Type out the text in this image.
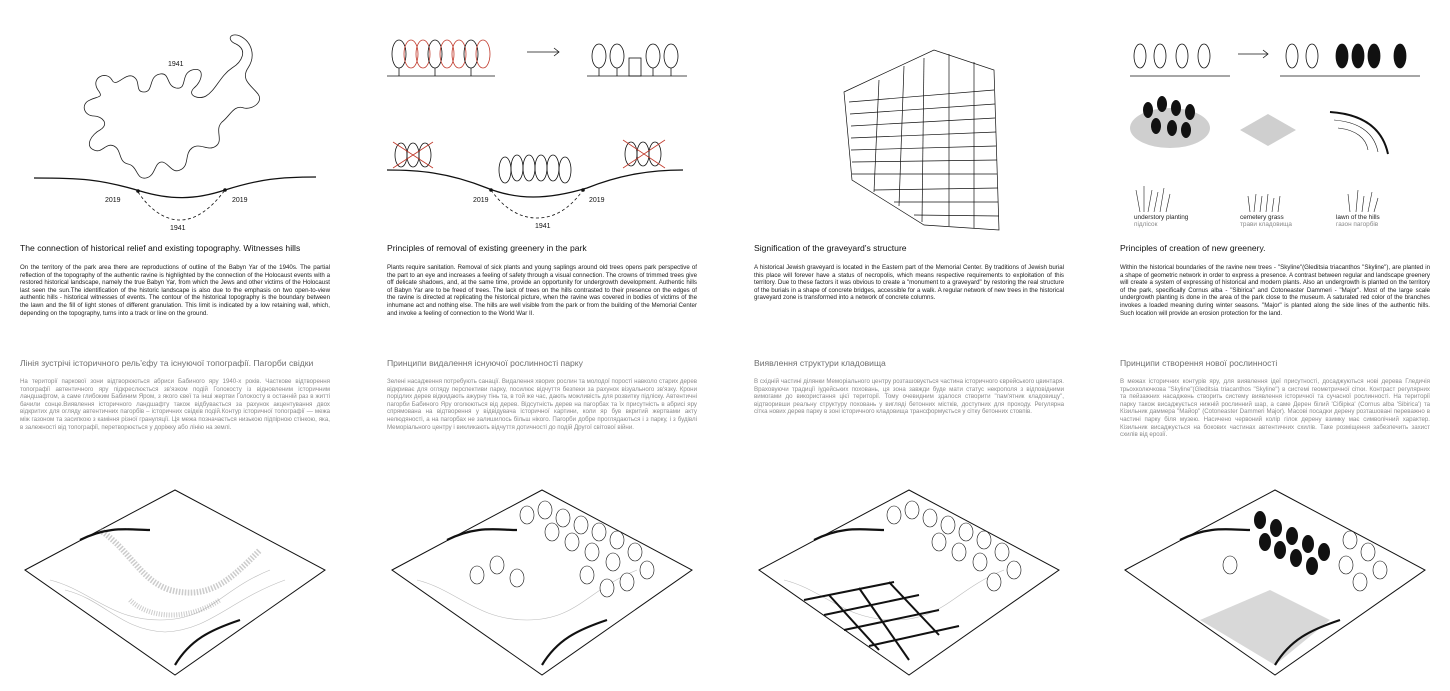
1941
2019	2019
1941
The connection of historical relief and existing topography. Witnesses hills
On the territory of the park area there are reproductions of outline of the Babyn Yar of the 1940s. The partial reflection of the topography of the authentic ravine is highlighted by the connection of the Holocaust events with a restored historical landscape, namely the true Babyn Yar, from which the Jews and other victims of the Holocaust last seen the sun.The identification of the historic landscape is also due to the emphasis on two open-to-view authentic hills - historical witnesses of events. The contour of the historical topography is the boundary between the lawn and the fill of light stones of different granulation. This limit is indicated by a low retaining wall, which, depending on the topography, turns into a track or line on the ground.
Лінія зустрічі історичного рель'єфу та існуючої топографії. Пагорби свідки
На території паркової зони відтворюються абриси Бабиного яру 1940-х років. Часткове відтворення топографії автентичного яру підкреслюється зв'язком подій Голокосту із відновленим історичним ландшафтом, а саме глибоким Бабиним Яром, з якого євеї та інші жертви Голокосту в останній раз в житті бачили сонце.Виявлення історичного ландшафту також відбувається за рахунок акцентування двох відкритих для огляду автентичних пагорбів – історичних свідків подій.Контур історичної топографії — межа між газоном та засипкою з каміння різної грануляції. Ця межа позначається низькою підпірною стінкою, яка, в залежності від топографії, перетворюється у доріжку або лінію на землі.
2019	2019
1941
Principles of removal of existing greenery in the park
Plants require sanitation. Removal of sick plants and young saplings around old trees opens park perspective of the part to an eye and increases a feeling of safety through a visual connection. The crowns of trimmed trees give off delicate shadows, and, at the same time, provide an opportunity for undergrowth development. Authentic hills of Babyn Yar are to be freed of trees. The lack of trees on the hills contrasted to their presence on the edges of the ravine is directed at replicating the historical picture, when the ravine was covered in bodies of victims of the inhumane act and nothing else. The hills are well visible from the park or from the building of the Memorial Center and invoke a feeling of connection to the World War II.
Принципи видалення існуючої рослинності парку
Зелені насадження потребують санації. Видалення хворих рослин та молодої порості навколо старих дерев відкриває для огляду перспективи парку, посилює відчуття безпеки за рахунок візуального зв'язку. Крони порідлих дерев відкидають ажурну тінь та, в той же час, дають можливість для розвитку підліску. Автентичні пагорби Бабиного Яру оголюються від дерев. Відсутність дерев на пагорбах та їх присутність в абрисі яру спрямована на відтворення у відвідувача історичної картини, коли яр був вкритий жертвами акту нелюдяності, а на пагорбах не залишилось більш нікого. Пагорби добре проглядаються і з парку, і з будівлі Меморіального центру і викликають відчуття дотичності до подій Другої світової війни.
Signification of the graveyard's structure
A historical Jewish graveyard is located in the Eastern part of the Memorial Center. By traditions of Jewish burial this place will forever have a status of necropolis, which means respective requirements to exploitation of this territory. Due to these factors it was obvious to create a "monument to a graveyard" by restoring the real structure of the burials in a shape of concrete bridges, accessible for a walk. A regular network of new trees in the historical graveyard zone is transformed into a network of concrete columns.
Виявлення структури кладовища
В східній частині ділянки Меморіального центру розташовується частина історичного єврейського цвинтаря. Враховуючи традиції іудейських поховань, ця зона завжди буде мати статус некрополя з відповідними вимогами до використання цієї території. Тому очевидним здалося створити "пам'ятник кладовищу", відтворивши реальну структуру поховань у вигляді бетонних містків, доступних для проходу. Регулярна сітка нових дерев парку в зоні історичного кладовища трансформується у сітку бетонних стовпів.
understory planting
підлісок
cemetery grass
трави кладовища
lawn of the hills
газон пагорбів
Principles of creation of new greenery.
Within the historical boundaries of the ravine new trees - "Skyline"(Gleditsia triacanthos "Skyline"), are planted in a shape of geometric network in order to express a presence. A contrast between regular and landscape greenery will create a system of expressing of historical and modern plants. Also an undergrowth is planted on the territory of the park, specifically Cornus alba - "Sibirica" and Cotoneaster Dammeri - "Major". Most of the large scale undergrowth planting is done in the area of the park close to the museum. A saturated red color of the branches invokes a loaded meaning during winter seasons. "Major" is planted along the side lines of the authentic hills. Such location will provide an erosion protection for the land.
Принципи створення нової рослинності
В межах історичних контурів яру, для виявлення ідеї присутності, досаджуються нові дерева Гледичія трьохколючкова "Skyline"(Gleditsia triacanthos "Skyline") в системі геометричної сітки. Контраст регулярних та пейзажних насаджень створить систему виявлення історичної та сучасної рослинності. На території парку також висаджується нижній рослинний шар, а саме Дерен білий 'Сібіріка' (Cornus alba 'Sibirica') та Кізильник даммера "Майор" (Cotoneaster Dammeri Major). Масові посадки дерену розташовані переважно в частині парку біля музею. Насичено червоний колір гілок дерену взимку має символічний характер. Кізильник висаджується на бокових частинах автентичних схилів. Таке розміщення забезпечить захист схилів від ерозії.
